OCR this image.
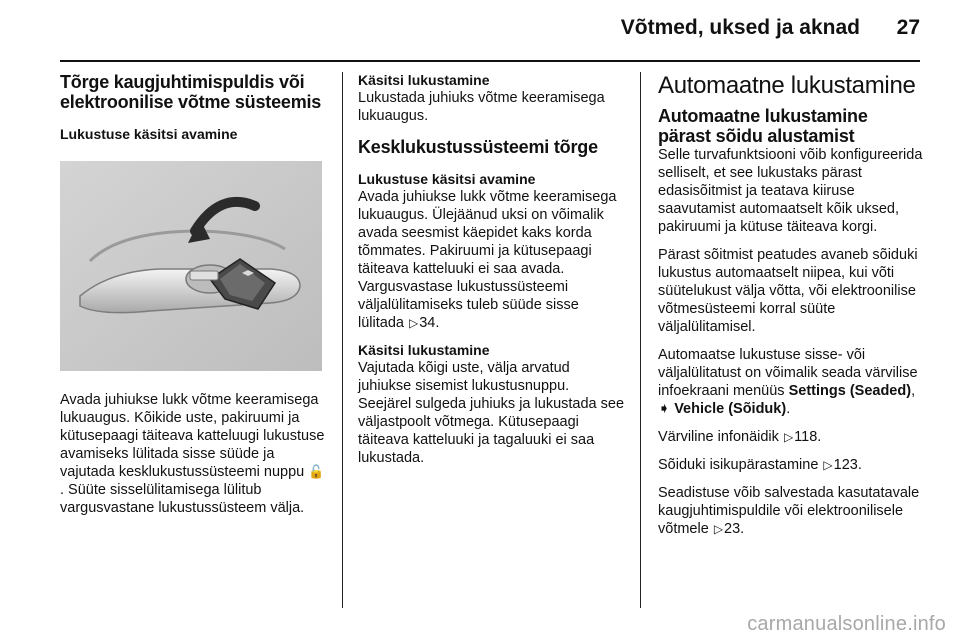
Võtmed, uksed ja aknad 27
Tõrge kaugjuhtimispuldis või elektroonilise võtme süsteemis
Lukustuse käsitsi avamine

Avada juhiukse lukk võtme keeramisega lukuaugus. Kõikide uste, pakiruumi ja kütusepaagi täiteava katteluugi lukustuse avamiseks lülitada sisse süüde ja vajutada kesklukustussüsteemi nuppu 🔓. Süüte sisselülitamisega lülitub vargusvastane lukustussüsteem välja.

Käsitsi lukustamine

Lukustada juhiuks võtme keeramisega lukuaugus.

Kesklukustussüsteemi tõrge
Lukustuse käsitsi avamine

Avada juhiukse lukk võtme keeramisega lukuaugus. Ülejäänud uksi on võimalik avada seesmist käepidet kaks korda tõmmates. Pakiruumi ja kütusepaagi täiteava katteluuki ei saa avada. Vargusvastase lukustussüsteemi väljalülitamiseks tuleb süüde sisse lülitada ▷34.

Käsitsi lukustamine

Vajutada kõigi uste, välja arvatud juhiukse sisemist lukustusnuppu. Seejärel sulgeda juhiuks ja lukustada see väljastpoolt võtmega. Kütusepaagi täiteava katteluuki ja tagaluuki ei saa lukustada.

Automaatne lukustamine
Automaatne lukustamine pärast sõidu alustamist

Selle turvafunktsiooni võib konfigureerida selliselt, et see lukustaks pärast edasisõitmist ja teatava kiiruse saavutamist automaatselt kõik uksed, pakiruumi ja kütuse täiteava korgi.

Pärast sõitmist peatudes avaneb sõiduki lukustus automaatselt niipea, kui võti süütelukust välja võtta, või elektroonilise võtmesüsteemi korral süüte väljalülitamisel.

Automaatse lukustuse sisse- või väljalülitatust on võimalik seada värvilise infoekraani menüüs Settings (Seaded), ➧ Vehicle (Sõiduk).

Värviline infonäidik ▷118.

Sõiduki isikupärastamine ▷123.

Seadistuse võib salvestada kasutatavale kaugjuhtimispuldile või elektroonilisele võtmele ▷23.

carmanualsonline.info
